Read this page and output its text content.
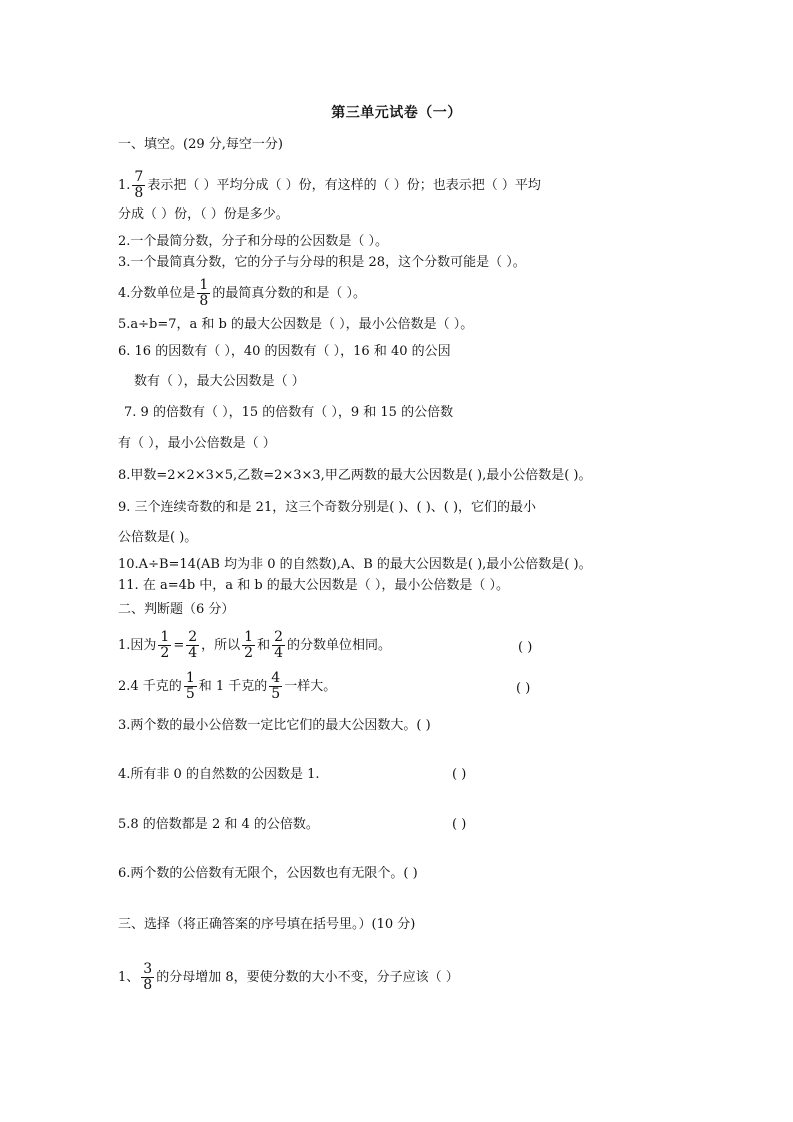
第三单元试卷（一）
一、填空。(29 分,每空一分)
1. $\frac{7}{8}$ 表示把（ ）平均分成（ ）份，有这样的（ ）份；也表示把（ ）平均
分成（ ）份，（ ）份是多少。
2.一个最简分数，分子和分母的公因数是（ ）。
3.一个最简真分数，它的分子与分母的积是 28，这个分数可能是（ ）。
4.分数单位是 $\frac{1}{8}$ 的最简真分数的和是（ ）。
5.a÷b=7，a 和 b 的最大公因数是（ ），最小公倍数是（ ）。
6. 16 的因数有（ ），40 的因数有（ ），16 和 40 的公因
数有（ ），最大公因数是（ ）
7. 9 的倍数有（ ），15 的倍数有（ ），9 和 15 的公倍数
有（ ），最小公倍数是（ ）
8.甲数=2×2×3×5,乙数=2×3×3,甲乙两数的最大公因数是( ),最小公倍数是( )。
9. 三个连续奇数的和是 21，这三个奇数分别是( )、( )、( )，它们的最小
公倍数是( )。
10.A÷B=14(AB 均为非 0 的自然数),A、B 的最大公因数是( ),最小公倍数是( )。
11. 在 a=4b 中，a 和 b 的最大公因数是（ ），最小公倍数是（ ）。
二、判断题（6 分）
1.因为 $\frac{1}{2} = \frac{2}{4}$ ，所以 $\frac{1}{2}$ 和 $\frac{2}{4}$ 的分数单位相同。	( )
2.4 千克的 $\frac{1}{5}$ 和 1 千克的 $\frac{4}{5}$ 一样大。	( )
3.两个数的最小公倍数一定比它们的最大公因数大。( )
4.所有非 0 的自然数的公因数是 1.	( )
5.8 的倍数都是 2 和 4 的公倍数。	( )
6.两个数的公倍数有无限个，公因数也有无限个。( )
三、选择（将正确答案的序号填在括号里。）(10 分)
1、 $\frac{3}{8}$ 的分母增加 8，要使分数的大小不变，分子应该（ ）
